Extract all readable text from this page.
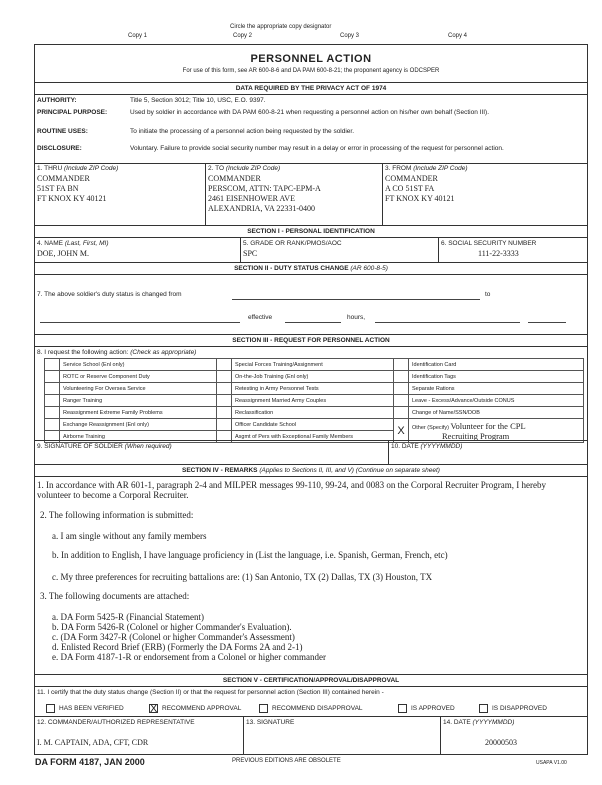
Circle the appropriate copy designator
Copy 1	Copy 2	Copy 3	Copy 4
PERSONNEL ACTION
For use of this form, see AR 600-8-6 and DA PAM 600-8-21; the proponent agency is ODCSPER
DATA REQUIRED BY THE PRIVACY ACT OF 1974
AUTHORITY:	Title 5, Section 3012; Title 10, USC, E.O. 9397.
PRINCIPAL PURPOSE:	Used by soldier in accordance with DA PAM 600-8-21 when requesting a personnel action on his/her own behalf (Section III).
ROUTINE USES:	To initiate the processing of a personnel action being requested by the soldier.
DISCLOSURE:	Voluntary. Failure to provide social security number may result in a delay or error in processing of the request for personnel action.
1. THRU (Include ZIP Code)
COMMANDER
51ST FA BN
FT KNOX KY 40121
2. TO (Include ZIP Code)
COMMANDER
PERSCOM, ATTN: TAPC-EPM-A
2461 EISENHOWER AVE
ALEXANDRIA, VA 22331-0400
3. FROM (Include ZIP Code)
COMMANDER
A CO 51ST FA
FT KNOX KY 40121
SECTION I - PERSONAL IDENTIFICATION
4. NAME (Last, First, MI)
DOE, JOHN M.
5. GRADE OR RANK/PMOS/AOC
SPC
6. SOCIAL SECURITY NUMBER
111-22-3333
SECTION II - DUTY STATUS CHANGE (AR 600-8-5)
7. The above soldier's duty status is changed from	to
effective	hours,
SECTION III - REQUEST FOR PERSONNEL ACTION
8. I request the following action: (Check as appropriate)
	Service School (Enl only)		Special Forces Training/Assignment		Identification Card
	ROTC or Reserve Component Duty		On-the-Job Training (Enl only)		Identification Tags
	Volunteering For Oversea Service		Retesting in Army Personnel Tests		Separate Rations
	Ranger Training		Reassignment Married Army Couples		Leave - Excess/Advance/Outside CONUS
	Reassignment Extreme Family Problems		Reclassification		Change of Name/SSN/DOB
	Exchange Reassignment (Enl only)		Officer Candidate School	X	Other (Specify) Volunteer for the CPL
Recruiting Program
	Airborne Training		Asgmt of Pers with Exceptional Family Members		
9. SIGNATURE OF SOLDIER (When required)	10. DATE (YYYYMMDD)
SECTION IV - REMARKS (Applies to Sections II, III, and V) (Continue on separate sheet)
1. In accordance with AR 601-1, paragraph 2-4 and MILPER messages 99-110, 99-24, and 0083 on the Corporal Recruiter Program, I hereby volunteer to become a Corporal Recruiter.
2. The following information is submitted:
a. I am single without any family members
b. In addition to English, I have language proficiency in (List the language, i.e. Spanish, German, French, etc)
c. My three preferences for recruiting battalions are: (1) San Antonio, TX (2) Dallas, TX (3) Houston, TX
3. The following documents are attached:
a. DA Form 5425-R (Financial Statement)
b. DA Form 5426-R (Colonel or higher Commander's Evaluation).
c. (DA Form 3427-R (Colonel or higher Commander's Assessment)
d. Enlisted Record Brief (ERB) (Formerly the DA Forms 2A and 2-1)
e. DA Form 4187-1-R or endorsement from a Colonel or higher commander
SECTION V - CERTIFICATION/APPROVAL/DISAPPROVAL
11. I certify that the duty status change (Section II) or that the request for personnel action (Section III) contained herein -
HAS BEEN VERIFIED X RECOMMEND APPROVAL	RECOMMEND DISAPPROVAL	IS APPROVED	IS DISAPPROVED
12. COMMANDER/AUTHORIZED REPRESENTATIVE
I. M. CAPTAIN, ADA, CFT, CDR
13. SIGNATURE	14. DATE (YYYYMMDD)
20000503
DA FORM 4187, JAN 2000	PREVIOUS EDITIONS ARE OBSOLETE	USAPA V1.00
